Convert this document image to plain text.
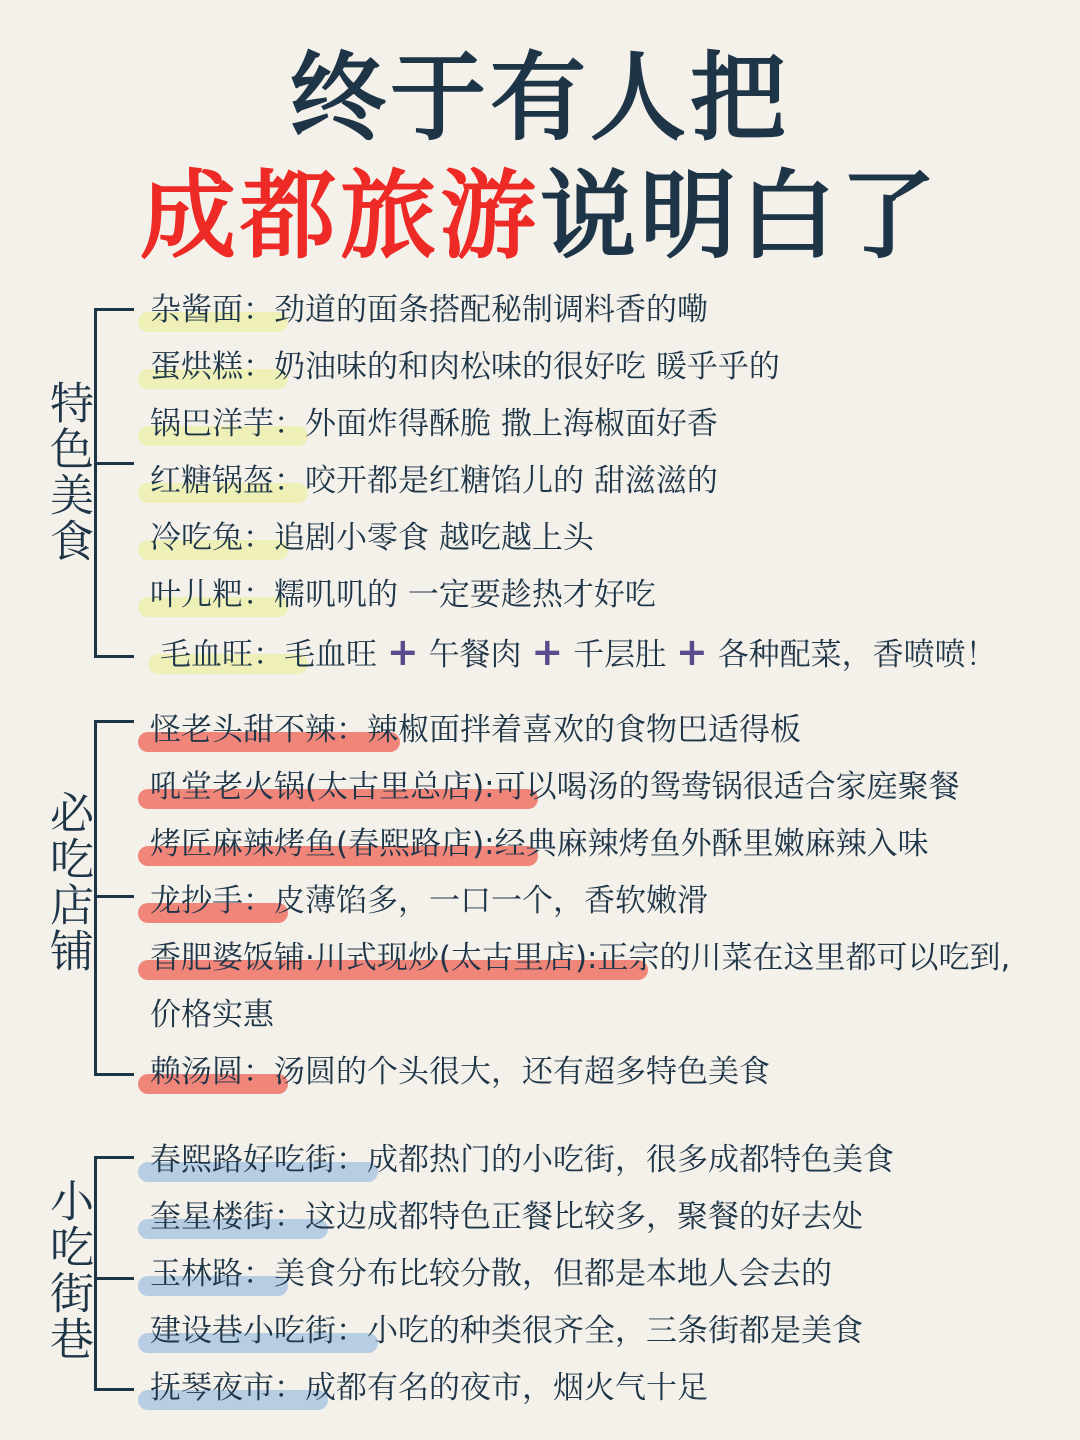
终于有人把
成都旅游说明白了
特色美食
杂酱面：劲道的面条搭配秘制调料香的嘞
蛋烘糕：奶油味的和肉松味的很好吃 暖乎乎的
锅巴洋芋：外面炸得酥脆 撒上海椒面好香
红糖锅盔：咬开都是红糖馅儿的 甜滋滋的
冷吃兔：追剧小零食 越吃越上头
叶儿粑：糯叽叽的 一定要趁热才好吃
毛血旺：毛血旺 + 午餐肉 + 千层肚 + 各种配菜，香喷喷！
必吃店铺
怪老头甜不辣：辣椒面拌着喜欢的食物巴适得板
吼堂老火锅(太古里总店):可以喝汤的鸳鸯锅很适合家庭聚餐
烤匠麻辣烤鱼(春熙路店):经典麻辣烤鱼外酥里嫩麻辣入味
龙抄手：皮薄馅多，一口一个，香软嫩滑
香肥婆饭铺·川式现炒(太古里店):正宗的川菜在这里都可以吃到,
价格实惠
赖汤圆：汤圆的个头很大，还有超多特色美食
小吃街巷
春熙路好吃街：成都热门的小吃街，很多成都特色美食
奎星楼街：这边成都特色正餐比较多，聚餐的好去处
玉林路：美食分布比较分散，但都是本地人会去的
建设巷小吃街：小吃的种类很齐全，三条街都是美食
抚琴夜市：成都有名的夜市，烟火气十足
